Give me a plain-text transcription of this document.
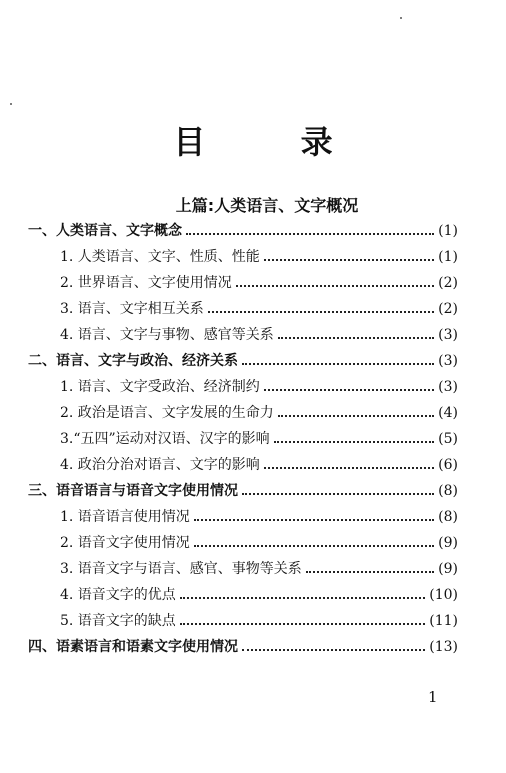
目 录
上篇:人类语言、文字概况
一、人类语言、文字概念	(1)
1. 人类语言、文字、性质、性能	(1)
2. 世界语言、文字使用情况	(2)
3. 语言、文字相互关系	(2)
4. 语言、文字与事物、感官等关系	(3)
二、语言、文字与政治、经济关系	(3)
1. 语言、文字受政治、经济制约	(3)
2. 政治是语言、文字发展的生命力	(4)
3.“五四”运动对汉语、汉字的影响	(5)
4. 政治分治对语言、文字的影响	(6)
三、语音语言与语音文字使用情况	(8)
1. 语音语言使用情况	(8)
2. 语音文字使用情况	(9)
3. 语音文字与语言、感官、事物等关系	(9)
4. 语音文字的优点	(10)
5. 语音文字的缺点	(11)
四、语素语言和语素文字使用情况	(13)
1
